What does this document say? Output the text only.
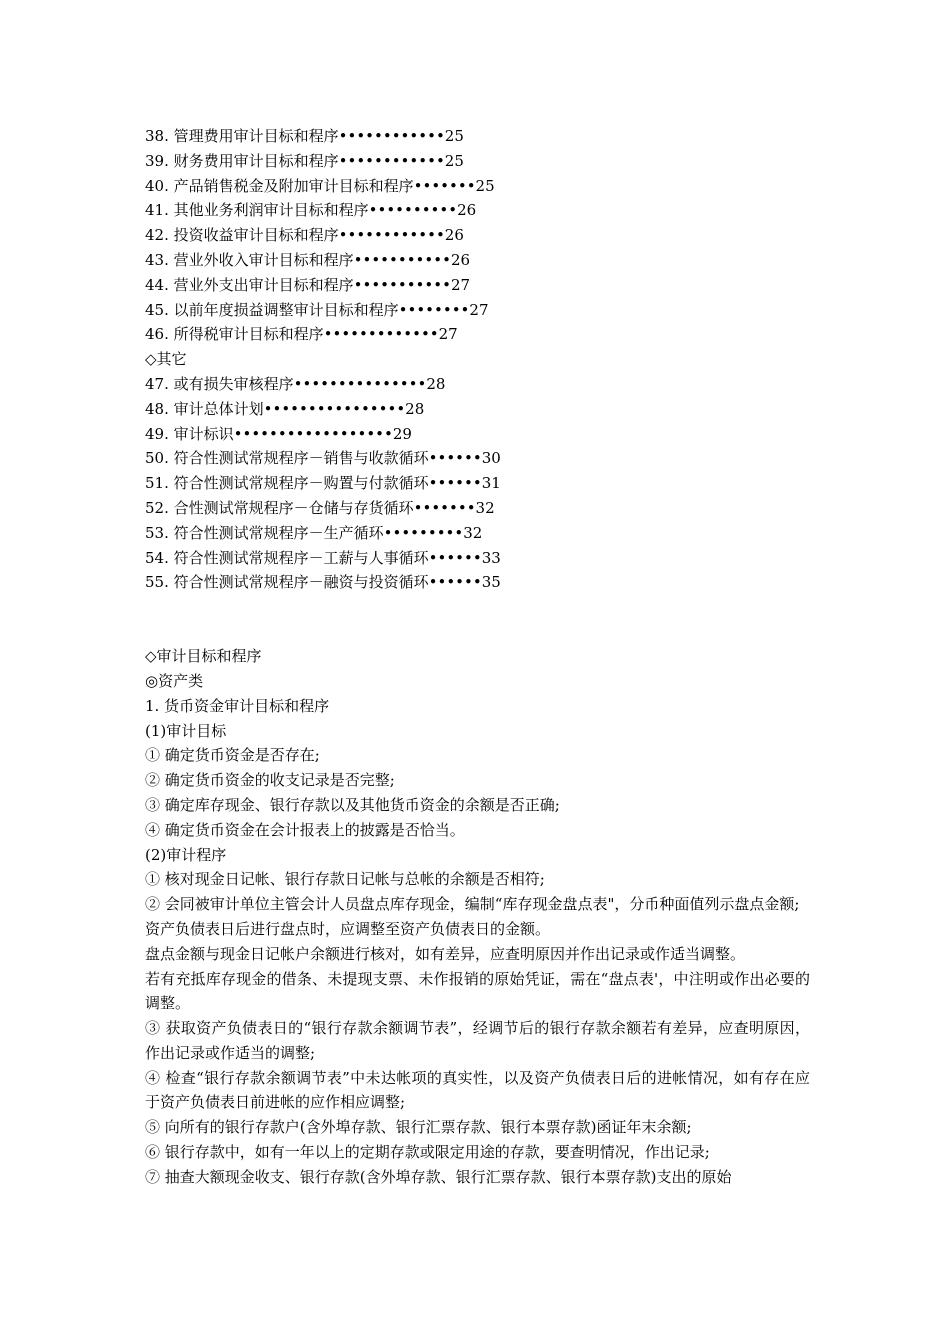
38. 管理费用审计目标和程序••••••••••••25

39. 财务费用审计目标和程序••••••••••••25

40. 产品销售税金及附加审计目标和程序•••••••25

41. 其他业务利润审计目标和程序••••••••••26

42. 投资收益审计目标和程序••••••••••••26

43. 营业外收入审计目标和程序•••••••••••26

44. 营业外支出审计目标和程序•••••••••••27

45. 以前年度损益调整审计目标和程序••••••••27

46. 所得税审计目标和程序•••••••••••••27

◇其它

47. 或有损失审核程序•••••••••••••••28

48. 审计总体计划••••••••••••••••28

49. 审计标识••••••••••••••••••29

50. 符合性测试常规程序－销售与收款循环••••••30

51. 符合性测试常规程序－购置与付款循环••••••31

52. 合性测试常规程序－仓储与存货循环•••••••32

53. 符合性测试常规程序－生产循环•••••••••32

54. 符合性测试常规程序－工薪与人事循环••••••33

55. 符合性测试常规程序－融资与投资循环••••••35

◇审计目标和程序

◎资产类

1. 货币资金审计目标和程序

(1)审计目标

① 确定货币资金是否存在;

② 确定货币资金的收支记录是否完整;

③ 确定库存现金、银行存款以及其他货币资金的余额是否正确;

④ 确定货币资金在会计报表上的披露是否恰当。

(2)审计程序

① 核对现金日记帐、银行存款日记帐与总帐的余额是否相符;

② 会同被审计单位主管会计人员盘点库存现金，编制“库存现金盘点表"，分币种面值列示盘点金额;

资产负债表日后进行盘点时，应调整至资产负债表日的金额。

盘点金额与现金日记帐户余额进行核对，如有差异，应查明原因并作出记录或作适当调整。

若有充抵库存现金的借条、未提现支票、未作报销的原始凭证，需在“盘点表'，中注明或作出必要的调整。

③ 获取资产负债表日的“银行存款余额调节表”，经调节后的银行存款余额若有差异，应查明原因，作出记录或作适当的调整;

④ 检查“银行存款余额调节表”中未达帐项的真实性，以及资产负债表日后的进帐情况，如有存在应于资产负债表日前进帐的应作相应调整;

⑤ 向所有的银行存款户(含外埠存款、银行汇票存款、银行本票存款)函证年末余额;

⑥ 银行存款中，如有一年以上的定期存款或限定用途的存款，要查明情况，作出记录;

⑦ 抽查大额现金收支、银行存款(含外埠存款、银行汇票存款、银行本票存款)支出的原始
